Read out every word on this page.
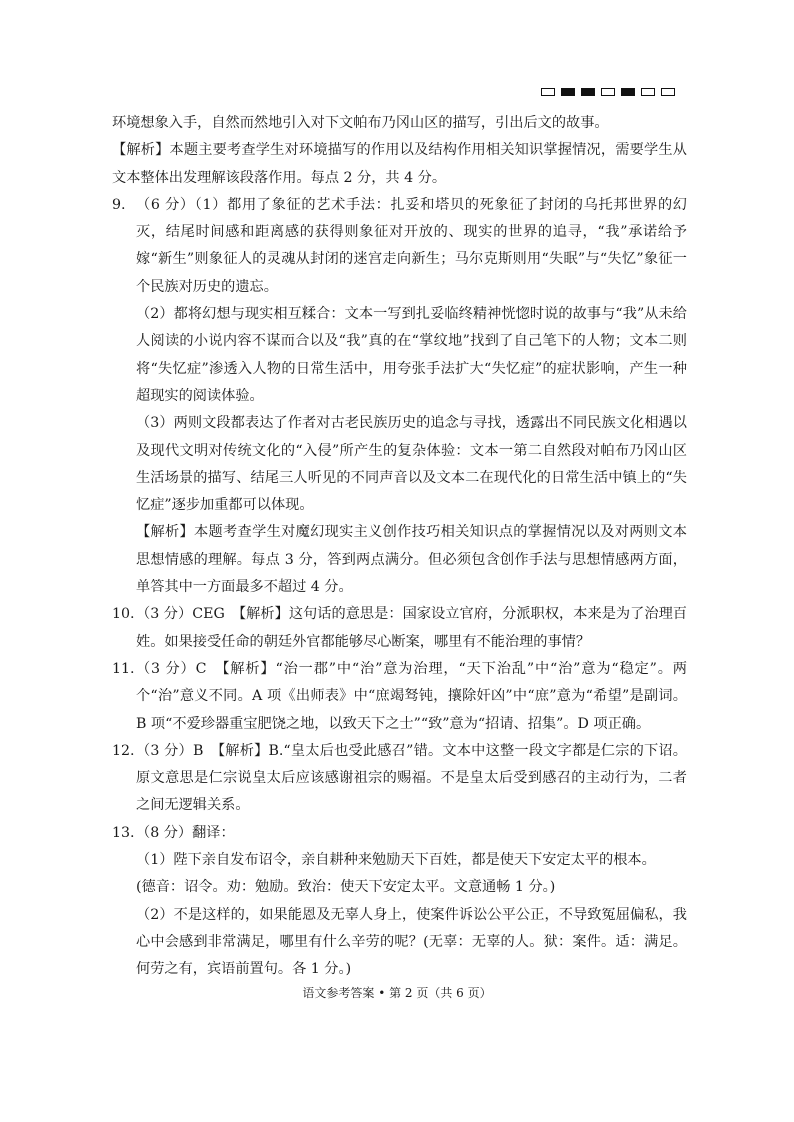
环境想象入手，自然而然地引入对下文帕布乃冈山区的描写，引出后文的故事。

【解析】本题主要考查学生对环境描写的作用以及结构作用相关知识掌握情况，需要学生从文本整体出发理解该段落作用。每点 2 分，共 4 分。

9. （6 分）（1）都用了象征的艺术手法：扎妥和塔贝的死象征了封闭的乌托邦世界的幻灭，结尾时间感和距离感的获得则象征对开放的、现实的世界的追寻，“我”承诺给予嫁“新生”则象征人的灵魂从封闭的迷宫走向新生；马尔克斯则用“失眠”与“失忆”象征一个民族对历史的遗忘。

（2）都将幻想与现实相互糅合：文本一写到扎妥临终精神恍惚时说的故事与“我”从未给人阅读的小说内容不谋而合以及“我”真的在“掌纹地”找到了自己笔下的人物；文本二则将“失忆症”渗透入人物的日常生活中，用夸张手法扩大“失忆症”的症状影响，产生一种超现实的阅读体验。

（3）两则文段都表达了作者对古老民族历史的追念与寻找，透露出不同民族文化相遇以及现代文明对传统文化的“入侵”所产生的复杂体验：文本一第二自然段对帕布乃冈山区生活场景的描写、结尾三人听见的不同声音以及文本二在现代化的日常生活中镇上的“失忆症”逐步加重都可以体现。

【解析】本题考查学生对魔幻现实主义创作技巧相关知识点的掌握情况以及对两则文本思想情感的理解。每点 3 分，答到两点满分。但必须包含创作手法与思想情感两方面，单答其中一方面最多不超过 4 分。

10. （3 分）CEG　【解析】这句话的意思是：国家设立官府，分派职权，本来是为了治理百姓。如果接受任命的朝廷外官都能够尽心断案，哪里有不能治理的事情？

11. （3 分）C　【解析】“治一郡”中“治”意为治理，“天下治乱”中“治”意为“稳定”。两个“治”意义不同。A 项《出师表》中“庶竭驽钝，攘除奸凶”中“庶”意为“希望”是副词。B 项“不爱珍器重宝肥饶之地，以致天下之士”“致”意为“招请、招集”。D 项正确。

12. （3 分）B　【解析】B.“皇太后也受此感召”错。文本中这整一段文字都是仁宗的下诏。原文意思是仁宗说皇太后应该感谢祖宗的赐福。不是皇太后受到感召的主动行为，二者之间无逻辑关系。

13. （8 分）翻译：

（1）陛下亲自发布诏令，亲自耕种来勉励天下百姓，都是使天下安定太平的根本。

(德音：诏令。劝：勉励。致治：使天下安定太平。文意通畅 1 分。)

（2）不是这样的，如果能恩及无辜人身上，使案件诉讼公平公正，不导致冤屈偏私，我心中会感到非常满足，哪里有什么辛劳的呢？(无辜：无辜的人。狱：案件。适：满足。何劳之有，宾语前置句。各 1 分。)

语文参考答案 • 第 2 页（共 6 页）
